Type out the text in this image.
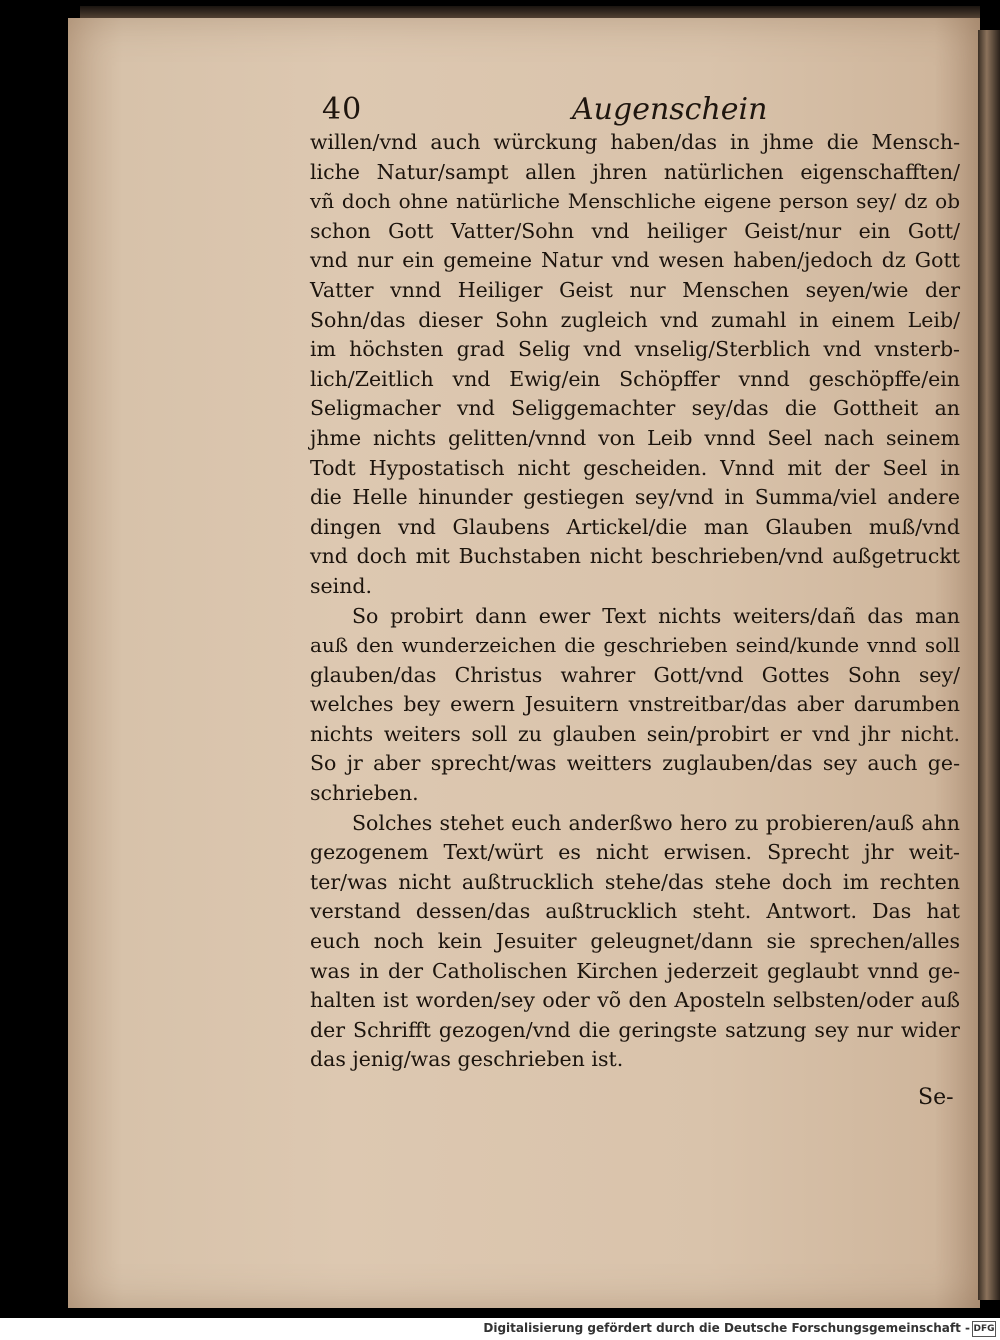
40	Augenschein
willen/vnd auch würckung haben/das in jhme die Mensch-
liche Natur/sampt allen jhren natürlichen eigenschafften/
vñ doch ohne natürliche Menschliche eigene person sey/ dz ob
schon Gott Vatter/Sohn vnd heiliger Geist/nur ein Gott/
vnd nur ein gemeine Natur vnd wesen haben/jedoch dz Gott
Vatter vnnd Heiliger Geist nur Menschen seyen/wie der
Sohn/das dieser Sohn zugleich vnd zumahl in einem Leib/
im höchsten grad Selig vnd vnselig/Sterblich vnd vnsterb-
lich/Zeitlich vnd Ewig/ein Schöpffer vnnd geschöpffe/ein
Seligmacher vnd Seliggemachter sey/das die Gottheit an
jhme nichts gelitten/vnnd von Leib vnnd Seel nach seinem
Todt Hypostatisch nicht gescheiden. Vnnd mit der Seel in
die Helle hinunder gestiegen sey/vnd in Summa/viel andere
dingen vnd Glaubens Artickel/die man Glauben muß/vnd
vnd doch mit Buchstaben nicht beschrieben/vnd außgetruckt
seind.
So probirt dann ewer Text nichts weiters/dañ das man
auß den wunderzeichen die geschrieben seind/kunde vnnd soll
glauben/das Christus wahrer Gott/vnd Gottes Sohn sey/
welches bey ewern Jesuitern vnstreitbar/das aber darumben
nichts weiters soll zu glauben sein/probirt er vnd jhr nicht.
So jr aber sprecht/was weitters zuglauben/das sey auch ge-
schrieben.
Solches stehet euch anderßwo hero zu probieren/auß ahn
gezogenem Text/würt es nicht erwisen. Sprecht jhr weit-
ter/was nicht außtrucklich stehe/das stehe doch im rechten
verstand dessen/das außtrucklich steht. Antwort. Das hat
euch noch kein Jesuiter geleugnet/dann sie sprechen/alles
was in der Catholischen Kirchen jederzeit geglaubt vnnd ge-
halten ist worden/sey oder võ den Aposteln selbsten/oder auß
der Schrifft gezogen/vnd die geringste satzung sey nur wider
das jenig/was geschrieben ist.
Se-
Digitalisierung gefördert durch die Deutsche Forschungsgemeinschaft - DFG
